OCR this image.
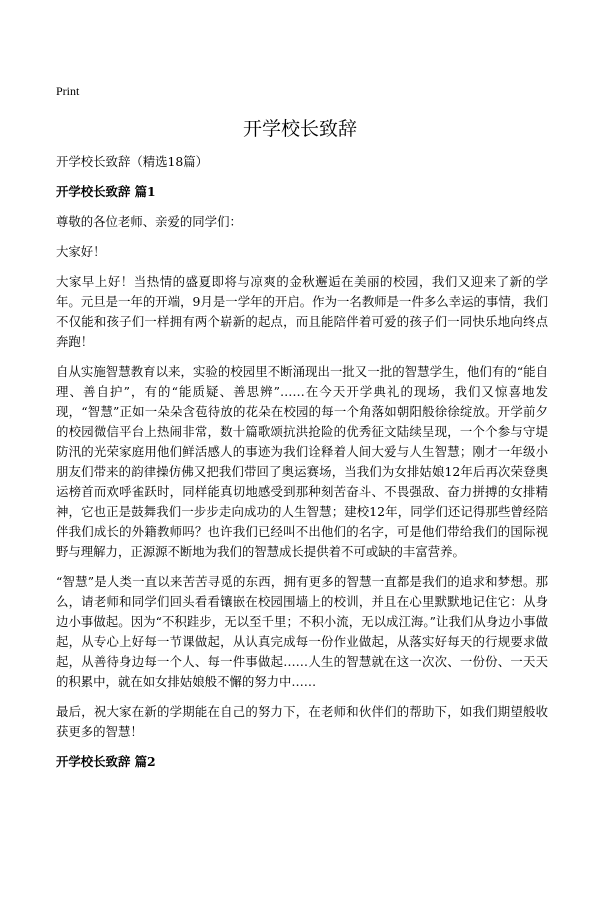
Print
开学校长致辞
开学校长致辞（精选18篇）
开学校长致辞 篇1
尊敬的各位老师、亲爱的同学们：
大家好！
大家早上好！当热情的盛夏即将与凉爽的金秋邂逅在美丽的校园，我们又迎来了新的学年。元旦是一年的开端，9月是一学年的开启。作为一名教师是一件多么幸运的事情，我们不仅能和孩子们一样拥有两个崭新的起点，而且能陪伴着可爱的孩子们一同快乐地向终点奔跑！
自从实施智慧教育以来，实验的校园里不断涌现出一批又一批的智慧学生，他们有的“能自理、善自护”，有的“能质疑、善思辨”……在今天开学典礼的现场，我们又惊喜地发现，“智慧”正如一朵朵含苞待放的花朵在校园的每一个角落如朝阳般徐徐绽放。开学前夕的校园微信平台上热闹非常，数十篇歌颂抗洪抢险的优秀征文陆续呈现，一个个参与守堤防汛的光荣家庭用他们鲜活感人的事迹为我们诠释着人间大爱与人生智慧；刚才一年级小朋友们带来的韵律操仿佛又把我们带回了奥运赛场，当我们为女排姑娘12年后再次荣登奥运榜首而欢呼雀跃时，同样能真切地感受到那种刻苦奋斗、不畏强敌、奋力拼搏的女排精神，它也正是鼓舞我们一步步走向成功的人生智慧；建校12年，同学们还记得那些曾经陪伴我们成长的外籍教师吗？也许我们已经叫不出他们的名字，可是他们带给我们的国际视野与理解力，正源源不断地为我们的智慧成长提供着不可或缺的丰富营养。
“智慧”是人类一直以来苦苦寻觅的东西，拥有更多的智慧一直都是我们的追求和梦想。那么，请老师和同学们回头看看镶嵌在校园围墙上的校训，并且在心里默默地记住它：从身边小事做起。因为“不积跬步，无以至千里；不积小流，无以成江海。”让我们从身边小事做起，从专心上好每一节课做起，从认真完成每一份作业做起，从落实好每天的行规要求做起，从善待身边每一个人、每一件事做起……人生的智慧就在这一次次、一份份、一天天的积累中，就在如女排姑娘般不懈的努力中……
最后，祝大家在新的学期能在自己的努力下，在老师和伙伴们的帮助下，如我们期望般收获更多的智慧！
开学校长致辞 篇2
